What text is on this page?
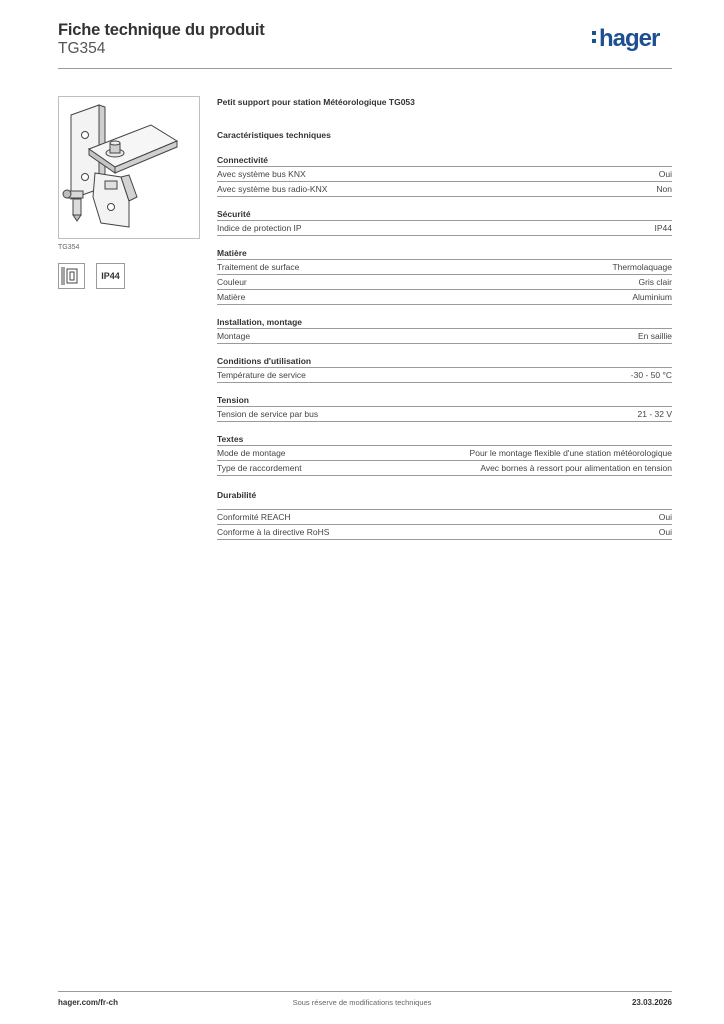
Fiche technique du produit
TG354	hager
TG354
IP44
Petit support pour station Météorologique TG053
Caractéristiques techniques
Connectivité
Avec système bus KNX	Oui
Avec système bus radio-KNX	Non
Sécurité
Indice de protection IP	IP44
Matière
Traitement de surface	Thermolaquage
Couleur	Gris clair
Matière	Aluminium
Installation, montage
Montage	En saillie
Conditions d'utilisation
Température de service	-30 - 50 °C
Tension
Tension de service par bus	21 - 32 V
Textes
Mode de montage	Pour le montage flexible d'une station météorologique
Type de raccordement	Avec bornes à ressort pour alimentation en tension
Durabilité
Conformité REACH	Oui
Conforme à la directive RoHS	Oui
hager.com/fr-ch	Sous réserve de modifications techniques	23.03.2026
